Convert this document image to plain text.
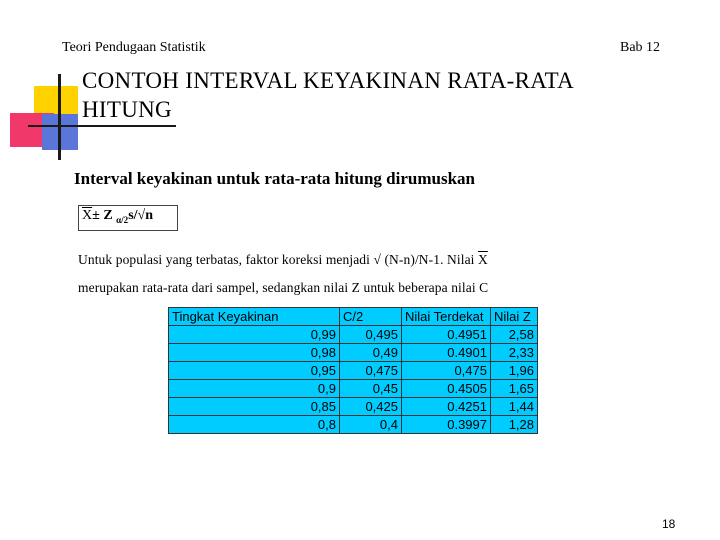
Teori Pendugaan Statistik	Bab 12
CONTOH INTERVAL KEYAKINAN RATA-RATA
HITUNG
Interval keyakinan untuk rata-rata hitung dirumuskan
$\overline{X}\pm Z$ $_{\alpha/2}$s/√n
Untuk populasi yang terbatas, faktor koreksi menjadi √ (N-n)/N-1. Nilai $\overline{X}$
merupakan rata-rata dari sampel, sedangkan nilai Z untuk beberapa nilai C
Tingkat Keyakinan	C/2	Nilai Terdekat	Nilai Z
0,99	0,495	0.4951	2,58
0,98	0,49	0.4901	2,33
0,95	0,475	0,475	1,96
0,9	0,45	0.4505	1,65
0,85	0,425	0.4251	1,44
0,8	0,4	0.3997	1,28
18
